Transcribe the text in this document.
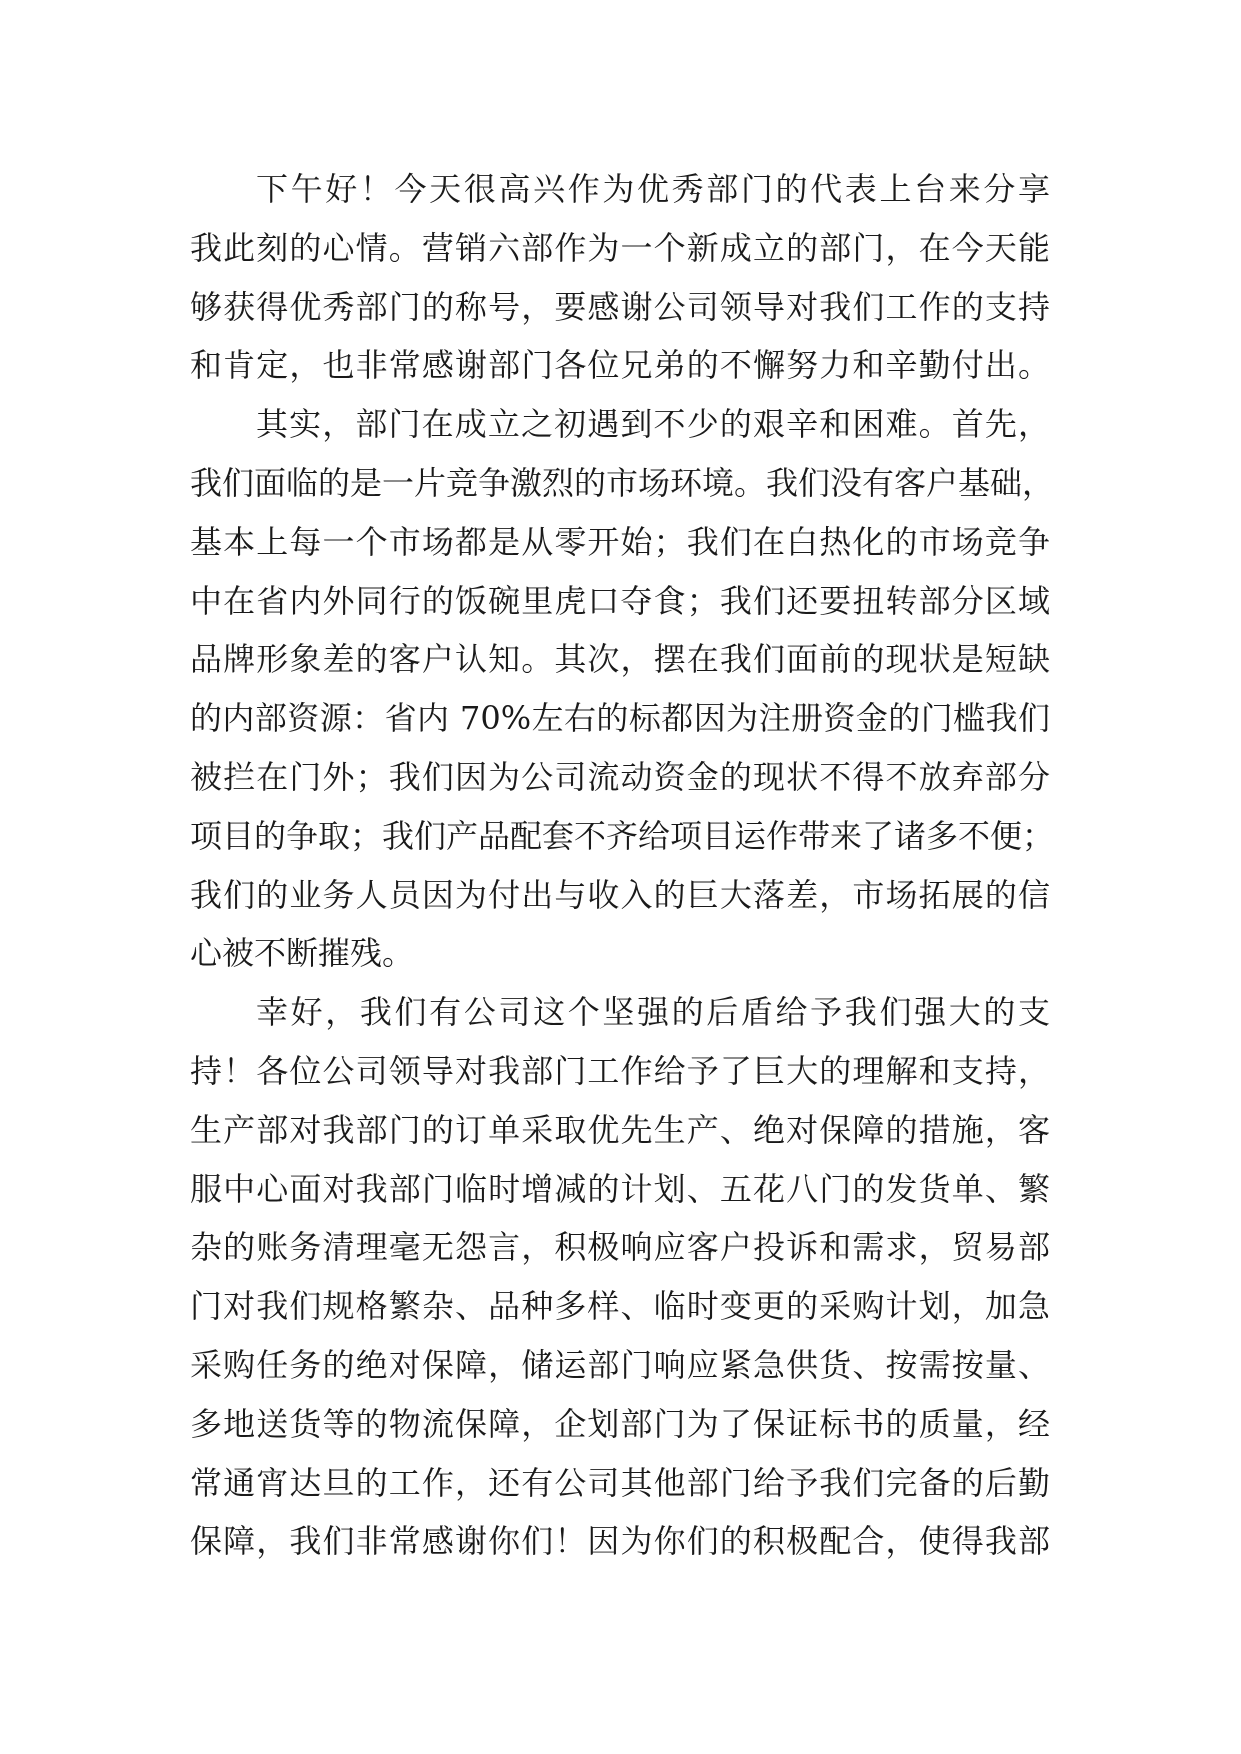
下午好！今天很高兴作为优秀部门的代表上台来分享
我此刻的心情。营销六部作为一个新成立的部门，在今天能
够获得优秀部门的称号，要感谢公司领导对我们工作的支持
和肯定，也非常感谢部门各位兄弟的不懈努力和辛勤付出。
其实，部门在成立之初遇到不少的艰辛和困难。首先，
我们面临的是一片竞争激烈的市场环境。我们没有客户基础，
基本上每一个市场都是从零开始；我们在白热化的市场竞争
中在省内外同行的饭碗里虎口夺食；我们还要扭转部分区域
品牌形象差的客户认知。其次，摆在我们面前的现状是短缺
的内部资源：省内 70%左右的标都因为注册资金的门槛我们
被拦在门外；我们因为公司流动资金的现状不得不放弃部分
项目的争取；我们产品配套不齐给项目运作带来了诸多不便；
我们的业务人员因为付出与收入的巨大落差，市场拓展的信
心被不断摧残。
幸好，我们有公司这个坚强的后盾给予我们强大的支
持！各位公司领导对我部门工作给予了巨大的理解和支持，
生产部对我部门的订单采取优先生产、绝对保障的措施，客
服中心面对我部门临时增减的计划、五花八门的发货单、繁
杂的账务清理毫无怨言，积极响应客户投诉和需求，贸易部
门对我们规格繁杂、品种多样、临时变更的采购计划，加急
采购任务的绝对保障，储运部门响应紧急供货、按需按量、
多地送货等的物流保障，企划部门为了保证标书的质量，经
常通宵达旦的工作，还有公司其他部门给予我们完备的后勤
保障，我们非常感谢你们！因为你们的积极配合，使得我部
